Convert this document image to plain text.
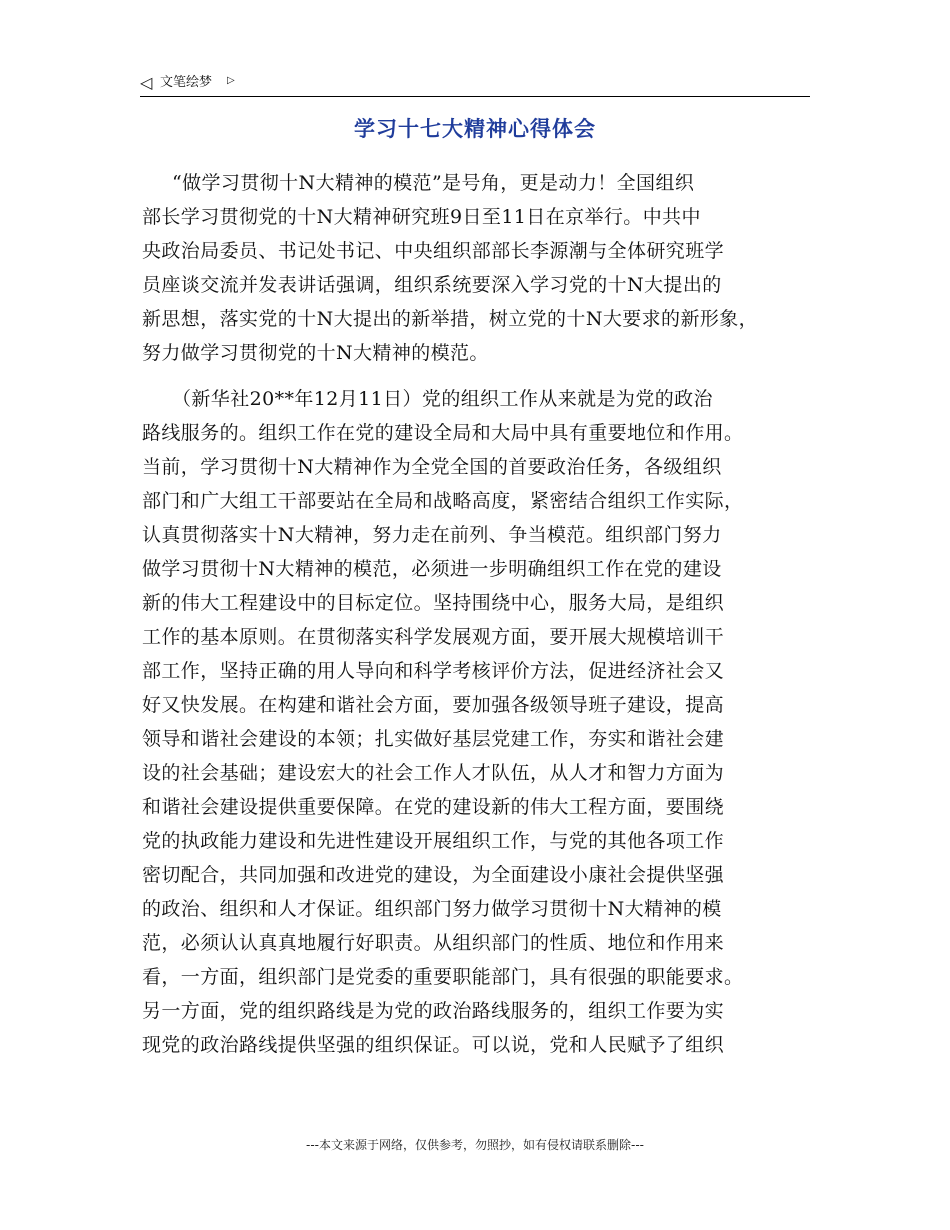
◁ 文笔绘梦 ▷
学习十七大精神心得体会
“做学习贯彻十N大精神的模范”是号角，更是动力！全国组织
部长学习贯彻党的十N大精神研究班9日至11日在京举行。中共中
央政治局委员、书记处书记、中央组织部部长李源潮与全体研究班学
员座谈交流并发表讲话强调，组织系统要深入学习党的十N大提出的
新思想，落实党的十N大提出的新举措，树立党的十N大要求的新形象，
努力做学习贯彻党的十N大精神的模范。
（新华社20**年12月11日）党的组织工作从来就是为党的政治
路线服务的。组织工作在党的建设全局和大局中具有重要地位和作用。
当前，学习贯彻十N大精神作为全党全国的首要政治任务，各级组织
部门和广大组工干部要站在全局和战略高度，紧密结合组织工作实际，
认真贯彻落实十N大精神，努力走在前列、争当模范。组织部门努力
做学习贯彻十N大精神的模范，必须进一步明确组织工作在党的建设
新的伟大工程建设中的目标定位。坚持围绕中心，服务大局，是组织
工作的基本原则。在贯彻落实科学发展观方面，要开展大规模培训干
部工作，坚持正确的用人导向和科学考核评价方法，促进经济社会又
好又快发展。在构建和谐社会方面，要加强各级领导班子建设，提高
领导和谐社会建设的本领；扎实做好基层党建工作，夯实和谐社会建
设的社会基础；建设宏大的社会工作人才队伍，从人才和智力方面为
和谐社会建设提供重要保障。在党的建设新的伟大工程方面，要围绕
党的执政能力建设和先进性建设开展组织工作，与党的其他各项工作
密切配合，共同加强和改进党的建设，为全面建设小康社会提供坚强
的政治、组织和人才保证。组织部门努力做学习贯彻十N大精神的模
范，必须认认真真地履行好职责。从组织部门的性质、地位和作用来
看，一方面，组织部门是党委的重要职能部门，具有很强的职能要求。
另一方面，党的组织路线是为党的政治路线服务的，组织工作要为实
现党的政治路线提供坚强的组织保证。可以说，党和人民赋予了组织
---本文来源于网络，仅供参考，勿照抄，如有侵权请联系删除---
